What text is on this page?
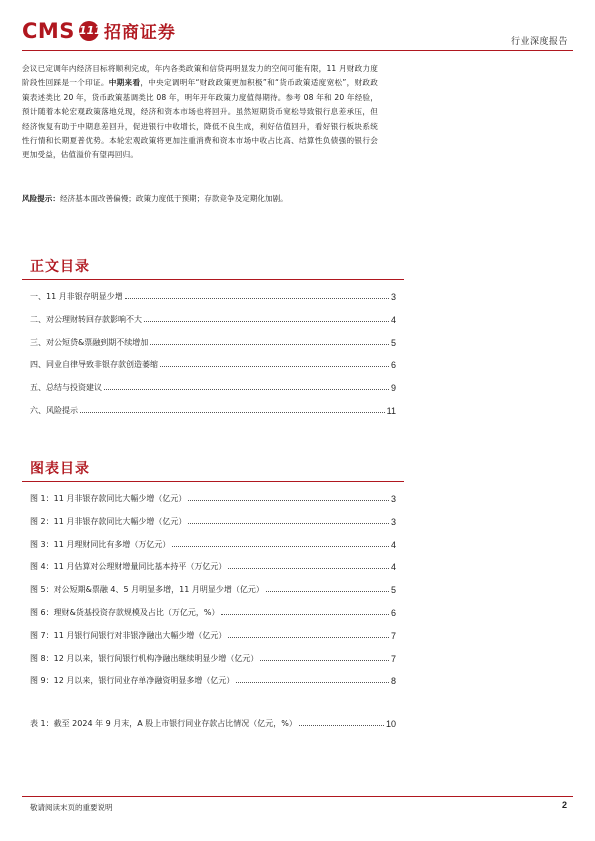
CMS 111 招商证券	行业深度报告
会议已定调年内经济目标将顺利完成，年内各类政策和信贷再明显发力的空间可能有限，11 月财政力度阶段性回踩是一个印证。中期来看，中央定调明年“财政政策更加积极”和“货币政策适度宽松”，财政政策表述类比 20 年，货币政策基调类比 08 年，明年开年政策力度值得期待。参考 08 年和 20 年经验，预计随着本轮宏观政策落地兑现，经济和资本市场也将回升。虽然短期货币宽松导致银行息差承压，但经济恢复有助于中期息差回升，促进银行中收增长，降低不良生成，利好估值回升，看好银行板块系统性行情和长期夏普优势。本轮宏观政策将更加注重消费和资本市场中收占比高、结算性负债强的银行会更加受益，估值溢价有望再回归。
风险提示：经济基本面改善偏慢；政策力度低于预期；存款竞争及定期化加剧。
正文目录
一、11 月非银存明显少增	3
二、对公理财转回存款影响不大	4
三、对公短贷&票融到期不续增加	5
四、同业自律导致非银存款创造萎缩	6
五、总结与投资建议	9
六、风险提示	11
图表目录
图 1：11 月非银存款同比大幅少增（亿元）	3
图 2：11 月非银存款同比大幅少增（亿元）	3
图 3：11 月理财同比有多增（万亿元）	4
图 4：11 月估算对公理财增量同比基本持平（万亿元）	4
图 5：对公短期&票融 4、5 月明显多增，11 月明显少增（亿元）	5
图 6：理财&货基投资存款规模及占比（万亿元，%）	6
图 7：11 月银行间银行对非银净融出大幅少增（亿元）	7
图 8：12 月以来，银行间银行机构净融出继续明显少增（亿元）	7
图 9：12 月以来，银行同业存单净融资明显多增（亿元）	8
表 1：截至 2024 年 9 月末，A 股上市银行同业存款占比情况（亿元，%）	10
敬请阅读末页的重要说明	2
